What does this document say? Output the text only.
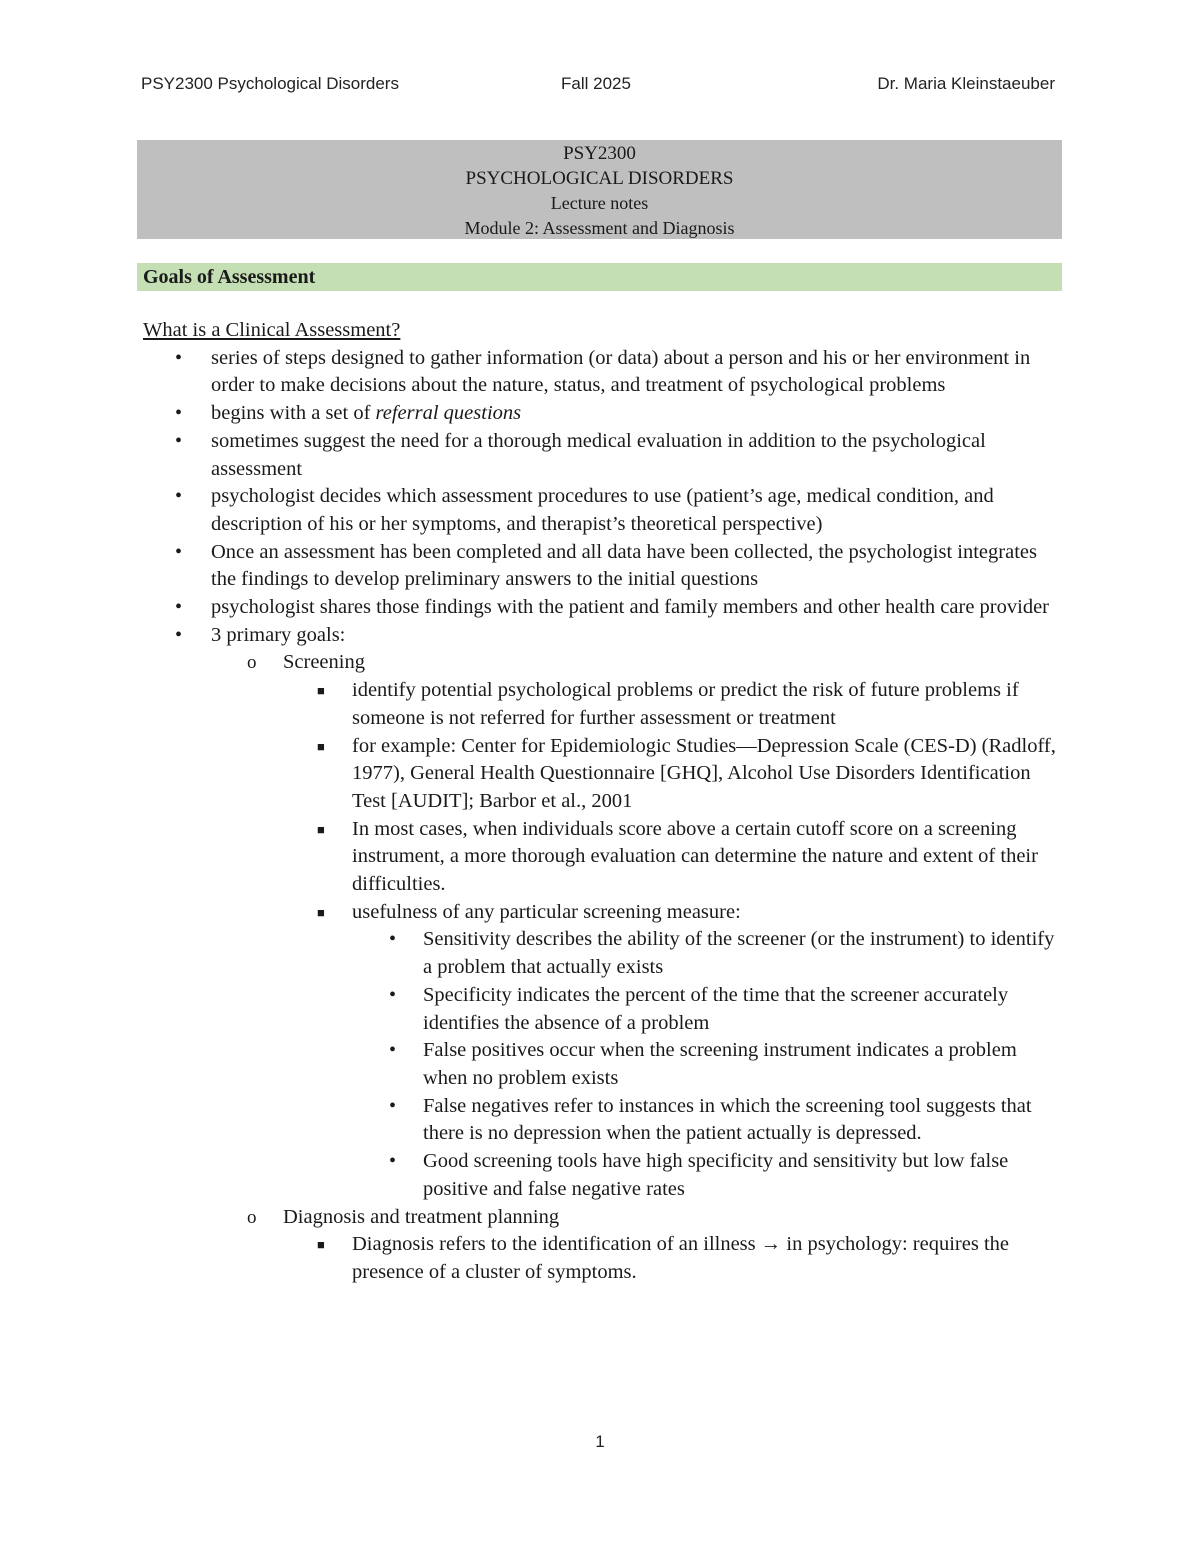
PSY2300 Psychological Disorders	Fall 2025	Dr. Maria Kleinstaeuber
PSY2300
PSYCHOLOGICAL DISORDERS
Lecture notes
Module 2: Assessment and Diagnosis
Goals of Assessment
What is a Clinical Assessment?
• series of steps designed to gather information (or data) about a person and his or her environment in order to make decisions about the nature, status, and treatment of psychological problems
• begins with a set of referral questions
• sometimes suggest the need for a thorough medical evaluation in addition to the psychological assessment
• psychologist decides which assessment procedures to use (patient’s age, medical condition, and description of his or her symptoms, and therapist’s theoretical perspective)
• Once an assessment has been completed and all data have been collected, the psychologist integrates the findings to develop preliminary answers to the initial questions
• psychologist shares those findings with the patient and family members and other health care provider
• 3 primary goals:
o Screening
■ identify potential psychological problems or predict the risk of future problems if someone is not referred for further assessment or treatment
■ for example: Center for Epidemiologic Studies—Depression Scale (CES-D) (Radloff, 1977), General Health Questionnaire [GHQ], Alcohol Use Disorders Identification Test [AUDIT]; Barbor et al., 2001
■ In most cases, when individuals score above a certain cutoff score on a screening instrument, a more thorough evaluation can determine the nature and extent of their difficulties.
■ usefulness of any particular screening measure:
• Sensitivity describes the ability of the screener (or the instrument) to identify a problem that actually exists
• Specificity indicates the percent of the time that the screener accurately identifies the absence of a problem
• False positives occur when the screening instrument indicates a problem when no problem exists
• False negatives refer to instances in which the screening tool suggests that there is no depression when the patient actually is depressed.
• Good screening tools have high specificity and sensitivity but low false positive and false negative rates
o Diagnosis and treatment planning
■ Diagnosis refers to the identification of an illness → in psychology: requires the presence of a cluster of symptoms.
1
